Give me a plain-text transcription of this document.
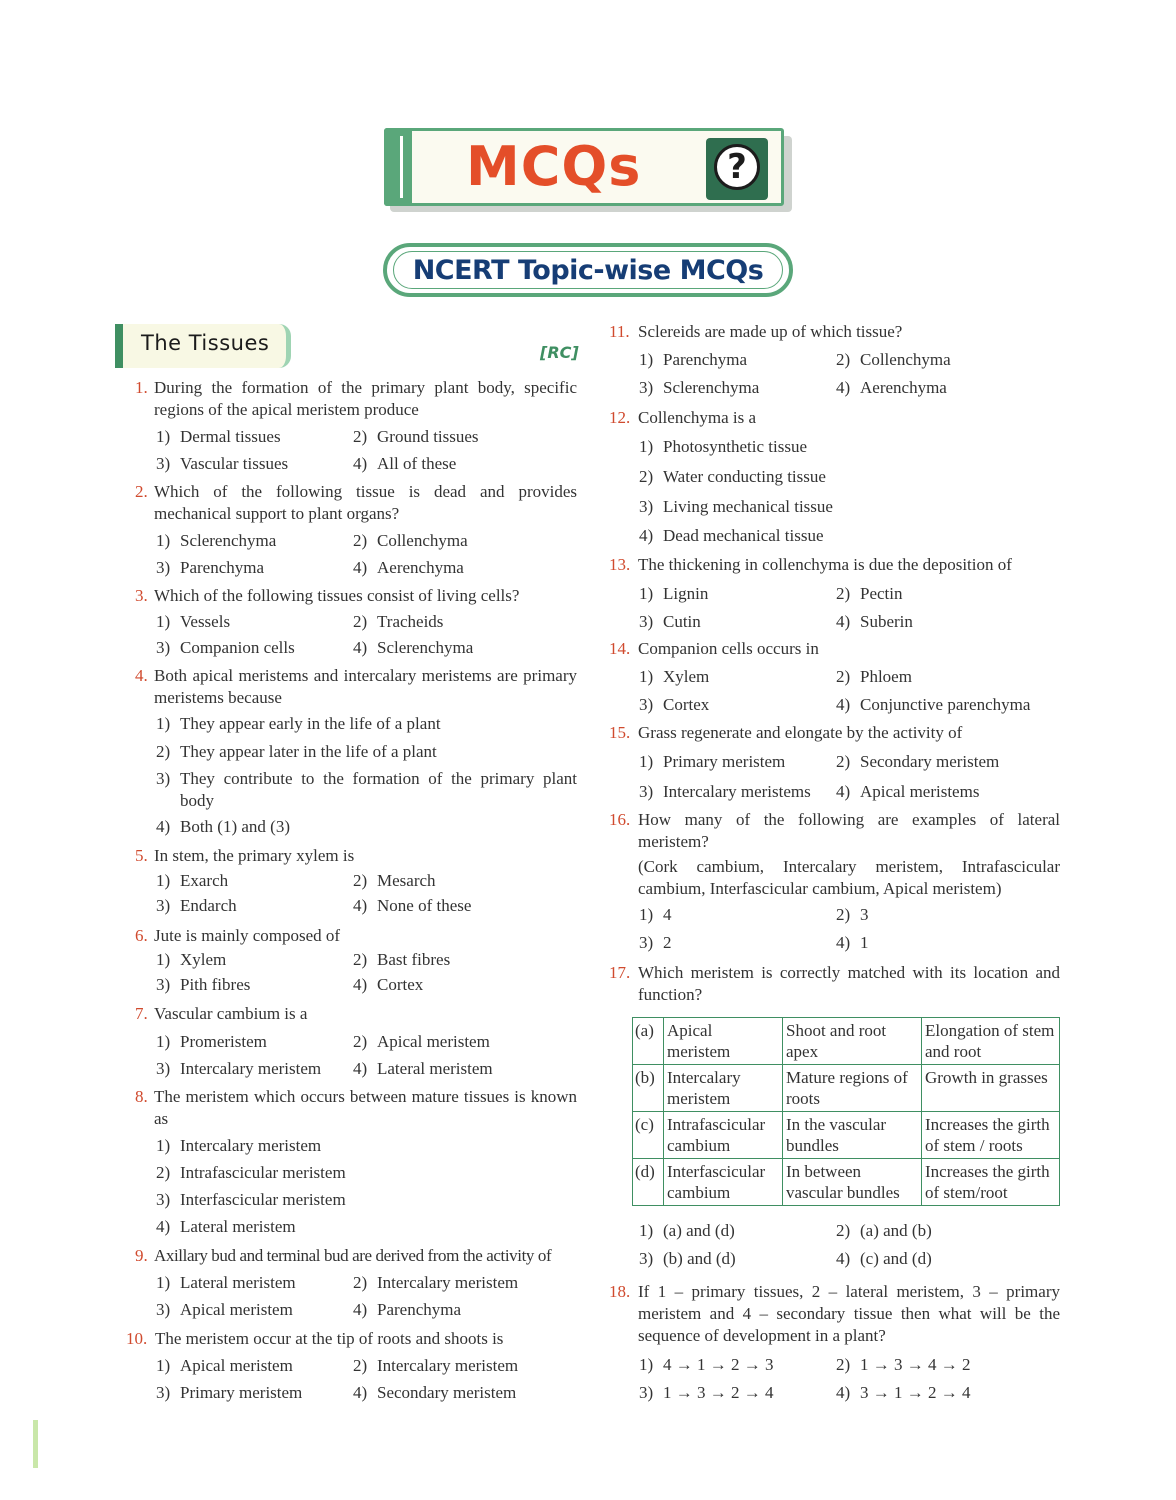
MCQs	?
NCERT Topic-wise MCQs
The Tissues	[RC]
1. During the formation of the primary plant body, specific regions of the apical meristem produce
1) Dermal tissues	2) Ground tissues
3) Vascular tissues	4) All of these
2. Which of the following tissue is dead and provides mechanical support to plant organs?
1) Sclerenchyma	2) Collenchyma
3) Parenchyma	4) Aerenchyma
3. Which of the following tissues consist of living cells?
1) Vessels	2) Tracheids
3) Companion cells	4) Sclerenchyma
4. Both apical meristems and intercalary meristems are primary meristems because
1) They appear early in the life of a plant
2) They appear later in the life of a plant
3) They contribute to the formation of the primary plant body
4) Both (1) and (3)
5. In stem, the primary xylem is
1) Exarch	2) Mesarch
3) Endarch	4) None of these
6. Jute is mainly composed of
1) Xylem	2) Bast fibres
3) Pith fibres	4) Cortex
7. Vascular cambium is a
1) Promeristem	2) Apical meristem
3) Intercalary meristem 4) Lateral meristem
8. The meristem which occurs between mature tissues is known as
1) Intercalary meristem
2) Intrafascicular meristem
3) Interfascicular meristem
4) Lateral meristem
9. Axillary bud and terminal bud are derived from the activity of
1) Lateral meristem	2) Intercalary meristem
3) Apical meristem	4) Parenchyma
10. The meristem occur at the tip of roots and shoots is
1) Apical meristem	2) Intercalary meristem
3) Primary meristem	4) Secondary meristem
11. Sclereids are made up of which tissue?
1) Parenchyma	2) Collenchyma
3) Sclerenchyma	4) Aerenchyma
12. Collenchyma is a
1) Photosynthetic tissue
2) Water conducting tissue
3) Living mechanical tissue
4) Dead mechanical tissue
13. The thickening in collenchyma is due the deposition of
1) Lignin	2) Pectin
3) Cutin	4) Suberin
14. Companion cells occurs in
1) Xylem	2) Phloem
3) Cortex	4) Conjunctive parenchyma
15. Grass regenerate and elongate by the activity of
1) Primary meristem	2) Secondary meristem
3) Intercalary meristems 4) Apical meristems
16. How many of the following are examples of lateral meristem?
(Cork cambium, Intercalary meristem, Intrafascicular cambium, Interfascicular cambium, Apical meristem)
1) 4	2) 3
3) 2	4) 1
17. Which meristem is correctly matched with its location and function?
(a)	Apical meristem	Shoot and root apex	Elongation of stem and root
(b)	Intercalary meristem	Mature regions of roots	Growth in grasses
(c)	Intrafascicular cambium	In the vascular bundles	Increases the girth of stem / roots
(d)	Interfascicular cambium	In between vascular bundles	Increases the girth of stem/root
1) (a) and (d)	2) (a) and (b)
3) (b) and (d)	4) (c) and (d)
18. If 1 – primary tissues, 2 – lateral meristem, 3 – primary meristem and 4 – secondary tissue then what will be the sequence of development in a plant?
1) 4 → 1 → 2 → 3	2) 1 → 3 → 4 → 2
3) 1 → 3 → 2 → 4	4) 3 → 1 → 2 → 4
